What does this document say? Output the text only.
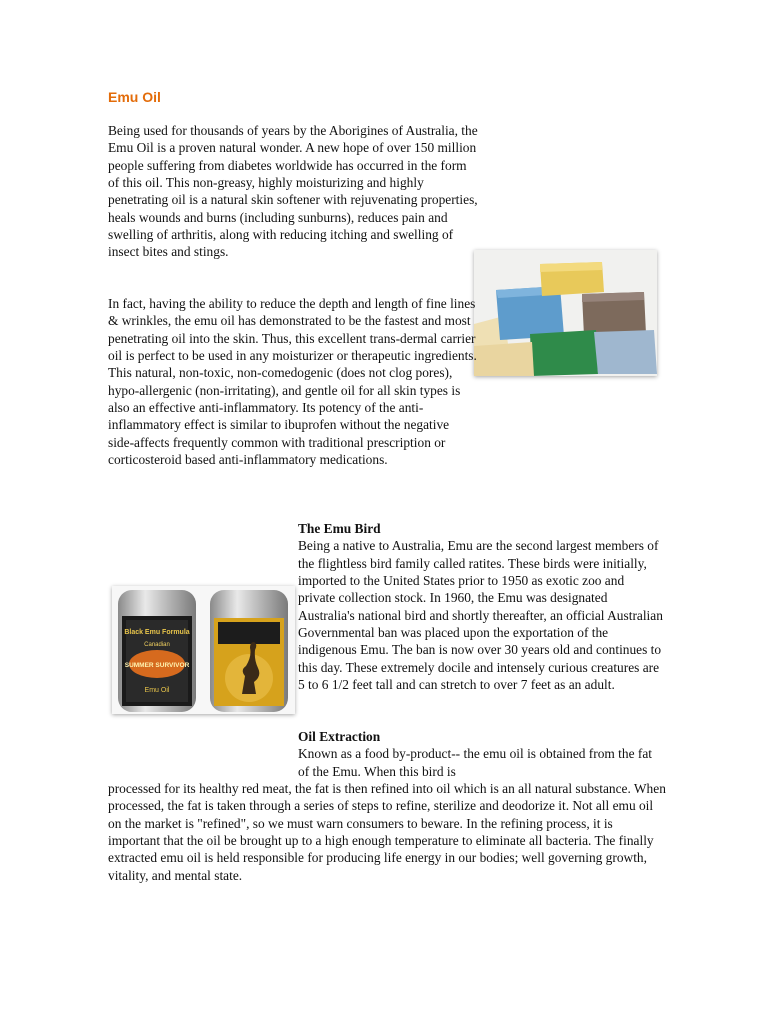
Emu Oil
Being used for thousands of years by the Aborigines of Australia, the Emu Oil is a proven natural wonder. A new hope of over 150 million people suffering from diabetes worldwide has occurred in the form of this oil. This non-greasy, highly moisturizing and highly penetrating oil is a natural skin softener with rejuvenating properties, heals wounds and burns (including sunburns), reduces pain and swelling of arthritis, along with reducing itching and swelling of insect bites and stings.
In fact, having the ability to reduce the depth and length of fine lines & wrinkles, the emu oil has demonstrated to be the fastest and most penetrating oil into the skin. Thus, this excellent trans-dermal carrier oil is perfect to be used in any moisturizer or therapeutic ingredients. This natural, non-toxic, non-comedogenic (does not clog pores), hypo-allergenic (non-irritating), and gentle oil for all skin types is also an effective anti-inflammatory. Its potency of the anti-inflammatory effect is similar to ibuprofen without the negative side-affects frequently common with traditional prescription or corticosteroid based anti-inflammatory medications.
Black Emu Formula
Canadian
SUMMER SURVIVOR
Emu Oil
The Emu Bird
Being a native to Australia, Emu are the second largest members of the flightless bird family called ratites. These birds were initially, imported to the United States prior to 1950 as exotic zoo and private collection stock. In 1960, the Emu was designated Australia's national bird and shortly thereafter, an official Australian Governmental ban was placed upon the exportation of the indigenous Emu. The ban is now over 30 years old and continues to this day. These extremely docile and intensely curious creatures are 5 to 6 1/2 feet tall and can stretch to over 7 feet as an adult.
Oil Extraction
Known as a food by-product-- the emu oil is obtained from the fat of the Emu. When this bird is
processed for its healthy red meat, the fat is then refined into oil which is an all natural substance. When processed, the fat is taken through a series of steps to refine, sterilize and deodorize it. Not all emu oil on the market is "refined", so we must warn consumers to beware. In the refining process, it is important that the oil be brought up to a high enough temperature to eliminate all bacteria. The finally extracted emu oil is held responsible for producing life energy in our bodies; well governing growth, vitality, and mental state.
